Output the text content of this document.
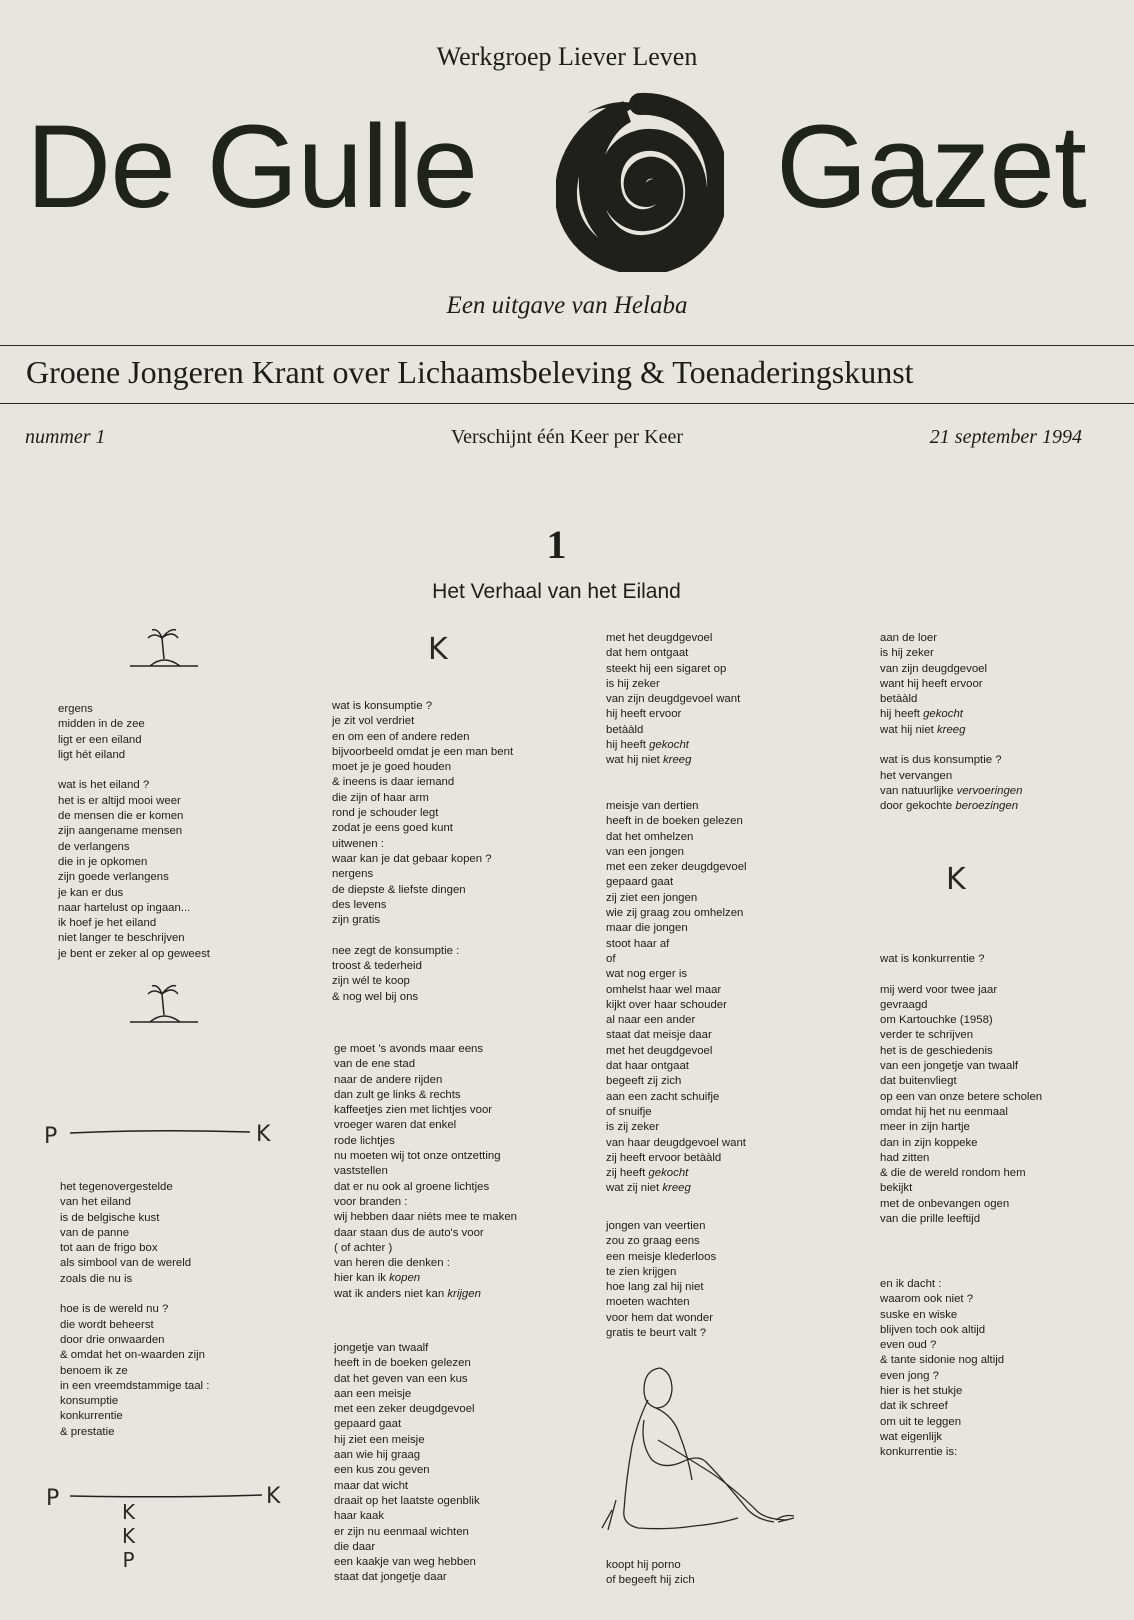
Werkgroep Liever Leven
De Gulle	Gazet
Een uitgave van Helaba
Groene Jongeren Krant over Lichaamsbeleving & Toenaderingskunst
nummer 1	Verschijnt één Keer per Keer	21 september 1994
1
Het Verhaal van het Eiland
K
K
P	K
P	K
K
K
P
ergens
midden in de zee
ligt er een eiland
ligt hét eiland
wat is het eiland ?
het is er altijd mooi weer
de mensen die er komen
zijn aangename mensen
de verlangens
die in je opkomen
zijn goede verlangens
je kan er dus
naar hartelust op ingaan...
ik hoef je het eiland
niet langer te beschrijven
je bent er zeker al op geweest
het tegenovergestelde
van het eiland
is de belgische kust
van de panne
tot aan de frigo box
als simbool van de wereld
zoals die nu is
hoe is de wereld nu ?
die wordt beheerst
door drie onwaarden
& omdat het on-waarden zijn
benoem ik ze
in een vreemdstammige taal :
konsumptie
konkurrentie
& prestatie
wat is konsumptie ?
je zit vol verdriet
en om een of andere reden
bijvoorbeeld omdat je een man bent
moet je je goed houden
& ineens is daar iemand
die zijn of haar arm
rond je schouder legt
zodat je eens goed kunt
uitwenen :
waar kan je dat gebaar kopen ?
nergens
de diepste & liefste dingen
des levens
zijn gratis
nee zegt de konsumptie :
troost & tederheid
zijn wél te koop
& nog wel bij ons
ge moet 's avonds maar eens
van de ene stad
naar de andere rijden
dan zult ge links & rechts
kaffeetjes zien met lichtjes voor
vroeger waren dat enkel
rode lichtjes
nu moeten wij tot onze ontzetting
vaststellen
dat er nu ook al groene lichtjes
voor branden :
wij hebben daar niéts mee te maken
daar staan dus de auto's voor
( of achter )
van heren die denken :
hier kan ik kopen
wat ik anders niet kan krijgen
jongetje van twaalf
heeft in de boeken gelezen
dat het geven van een kus
aan een meisje
met een zeker deugdgevoel
gepaard gaat
hij ziet een meisje
aan wie hij graag
een kus zou geven
maar dat wicht
draait op het laatste ogenblik
haar kaak
er zijn nu eenmaal wichten
die daar
een kaakje van weg hebben
staat dat jongetje daar
met het deugdgevoel
dat hem ontgaat
steekt hij een sigaret op
is hij zeker
van zijn deugdgevoel want
hij heeft ervoor
betààld
hij heeft gekocht
wat hij niet kreeg
meisje van dertien
heeft in de boeken gelezen
dat het omhelzen
van een jongen
met een zeker deugdgevoel
gepaard gaat
zij ziet een jongen
wie zij graag zou omhelzen
maar die jongen
stoot haar af
of
wat nog erger is
omhelst haar wel maar
kijkt over haar schouder
al naar een ander
staat dat meisje daar
met het deugdgevoel
dat haar ontgaat
begeeft zij zich
aan een zacht schuifje
of snuifje
is zij zeker
van haar deugdgevoel want
zij heeft ervoor betààld
zij heeft gekocht
wat zij niet kreeg
jongen van veertien
zou zo graag eens
een meisje klederloos
te zien krijgen
hoe lang zal hij niet
moeten wachten
voor hem dat wonder
gratis te beurt valt ?
koopt hij porno
of begeeft hij zich
aan de loer
is hij zeker
van zijn deugdgevoel
want hij heeft ervoor
betààld
hij heeft gekocht
wat hij niet kreeg
wat is dus konsumptie ?
het vervangen
van natuurlijke vervoeringen
door gekochte beroezingen
wat is konkurrentie ?
mij werd voor twee jaar
gevraagd
om Kartouchke (1958)
verder te schrijven
het is de geschiedenis
van een jongetje van twaalf
dat buitenvliegt
op een van onze betere scholen
omdat hij het nu eenmaal
meer in zijn hartje
dan in zijn koppeke
had zitten
& die de wereld rondom hem
bekijkt
met de onbevangen ogen
van die prille leeftijd
en ik dacht :
waarom ook niet ?
suske en wiske
blijven toch ook altijd
even oud ?
& tante sidonie nog altijd
even jong ?
hier is het stukje
dat ik schreef
om uit te leggen
wat eigenlijk
konkurrentie is:
